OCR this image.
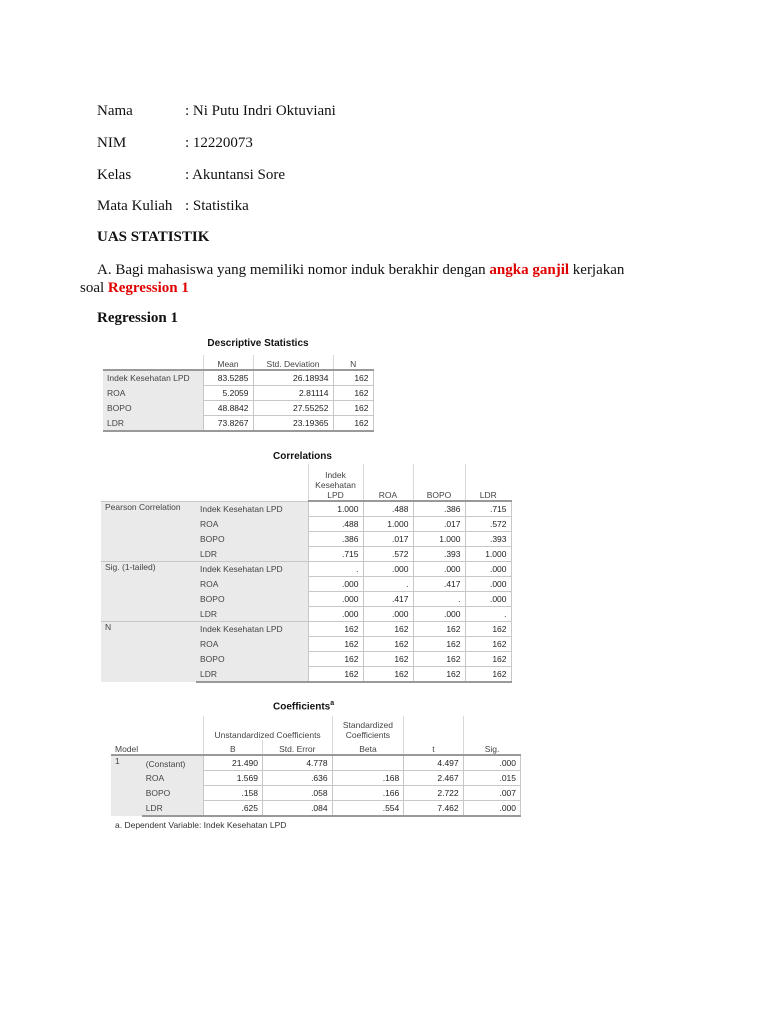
Nama	: Ni Putu Indri Oktuviani
NIM	: 12220073
Kelas	: Akuntansi Sore
Mata Kuliah : Statistika
UAS STATISTIK
A. Bagi mahasiswa yang memiliki nomor induk berakhir dengan angka ganjil kerjakan
soal Regression 1
Regression 1
Descriptive Statistics
	Mean	Std. Deviation	N
Indek Kesehatan LPD	83.5285	26.18934	162
ROA	5.2059	2.81114	162
BOPO	48.8842	27.55252	162
LDR	73.8267	23.19365	162
Correlations
		Indek Kesehatan LPD	ROA	BOPO	LDR
Pearson Correlation	Indek Kesehatan LPD	1.000	.488	.386	.715
	ROA	.488	1.000	.017	.572
	BOPO	.386	.017	1.000	.393
	LDR	.715	.572	.393	1.000
Sig. (1-tailed)	Indek Kesehatan LPD	.	.000	.000	.000
	ROA	.000	.	.417	.000
	BOPO	.000	.417	.	.000
	LDR	.000	.000	.000	.
N	Indek Kesehatan LPD	162	162	162	162
	ROA	162	162	162	162
	BOPO	162	162	162	162
	LDR	162	162	162	162
Coefficients$^a$
		Unstandardized Coefficients		Standardized Coefficients		
Model		B	Std. Error	Beta	t	Sig.
1	(Constant)	21.490	4.778		4.497	.000
	ROA	1.569	.636	.168	2.467	.015
	BOPO	.158	.058	.166	2.722	.007
	LDR	.625	.084	.554	7.462	.000
a. Dependent Variable: Indek Kesehatan LPD
